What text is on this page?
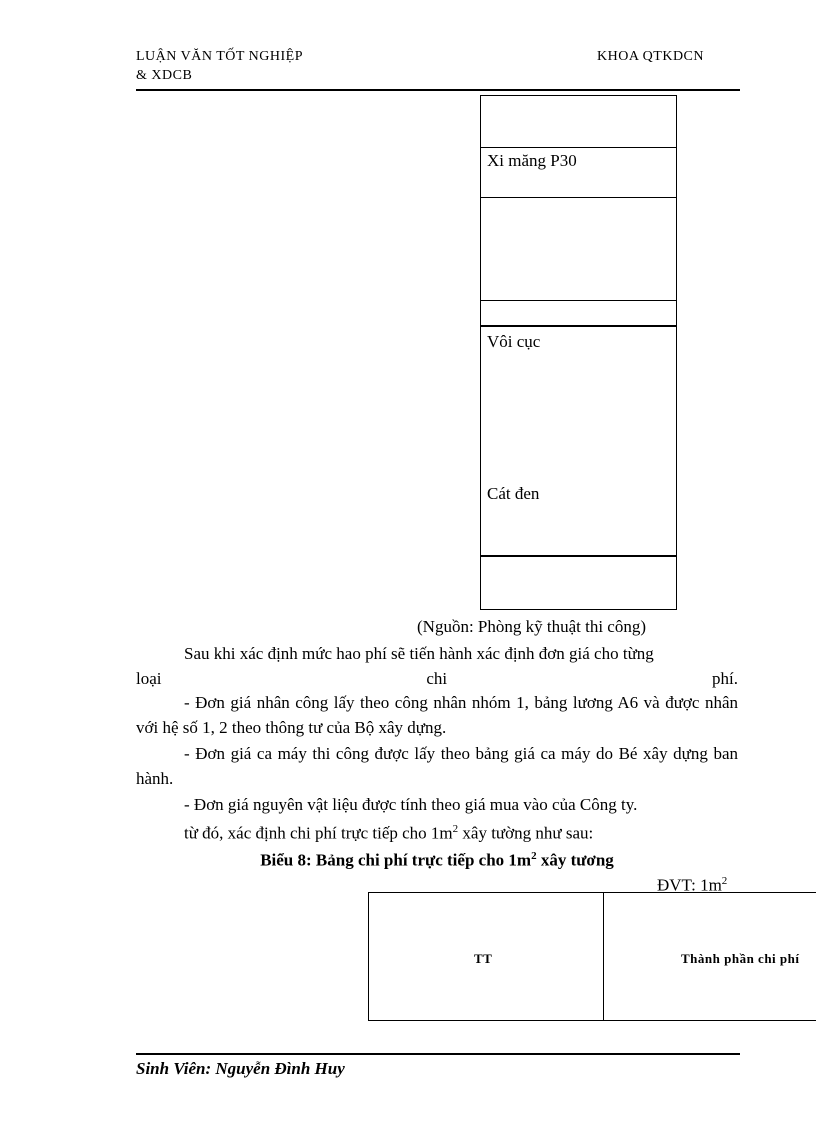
LUẬN VĂN TỐT NGHIỆP
& XDCB
KHOA QTKDCN
Xi măng P30
Vôi cục
Cát đen
(Nguồn: Phòng kỹ thuật thi công)
Sau khi xác định mức hao phí sẽ tiến hành xác định đơn giá cho từng
loại	chi	phí.
- Đơn giá nhân công lấy theo công nhân nhóm 1, bảng lương A6 và được nhân với hệ số 1, 2 theo thông tư của Bộ xây dựng.
- Đơn giá ca máy thi công được lấy theo bảng giá ca máy do Bé xây dựng ban hành.
- Đơn giá nguyên vật liệu được tính theo giá mua vào của Công ty.
từ đó, xác định chi phí trực tiếp cho $1m^2$ xây tường như sau:
Biểu 8: Bảng chi phí trực tiếp cho $1m^2$ xây tương
ĐVT: $1m^2$
TT	Thành phần chi phí
Sinh Viên: Nguyễn Đình Huy
